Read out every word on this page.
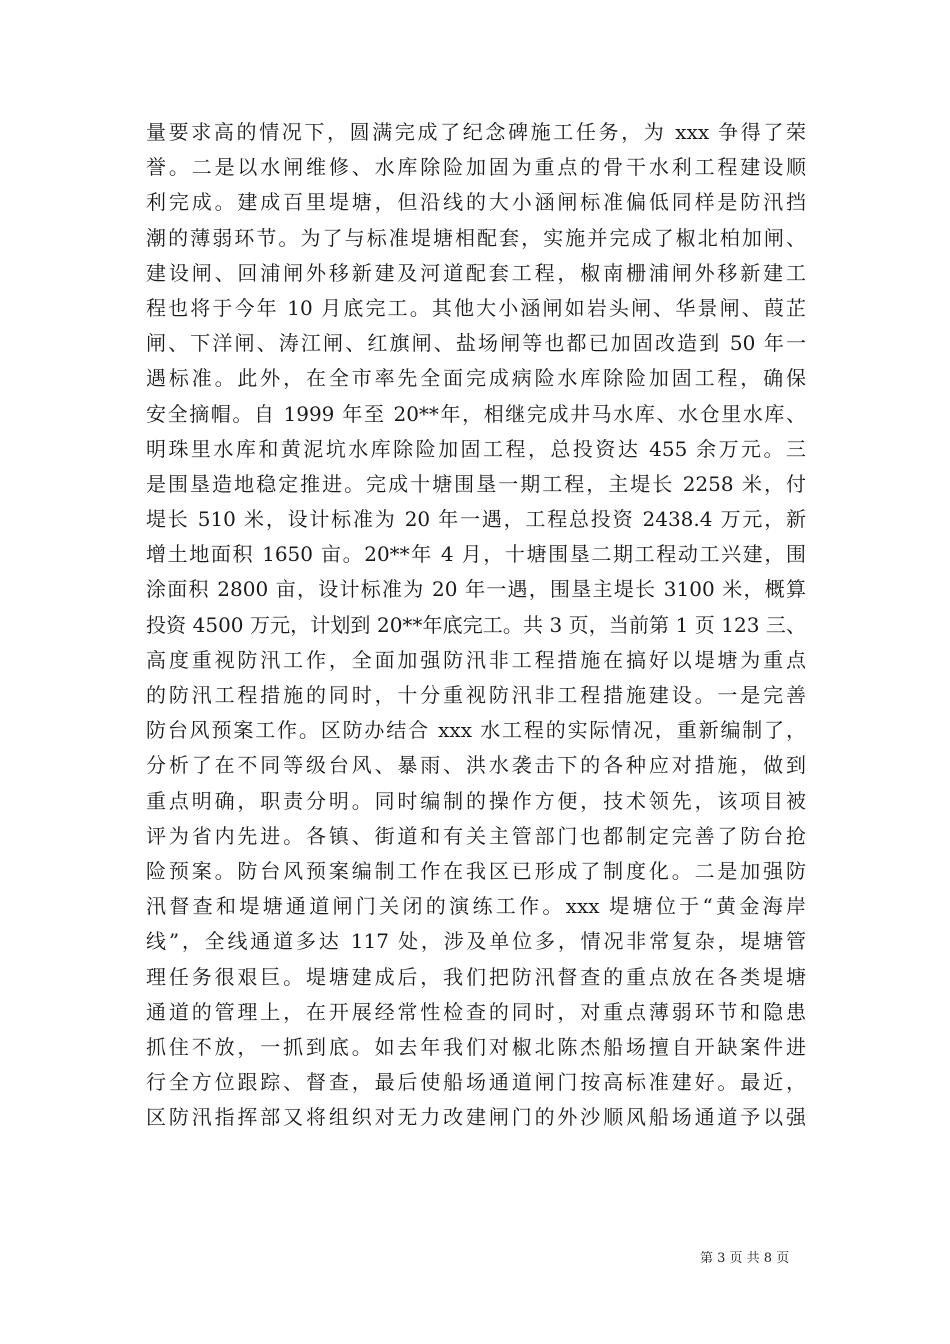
量要求高的情况下，圆满完成了纪念碑施工任务，为 xxx 争得了荣
誉。二是以水闸维修、水库除险加固为重点的骨干水利工程建设顺
利完成。建成百里堤塘，但沿线的大小涵闸标准偏低同样是防汛挡
潮的薄弱环节。为了与标准堤塘相配套，实施并完成了椒北柏加闸、
建设闸、回浦闸外移新建及河道配套工程，椒南栅浦闸外移新建工
程也将于今年 10 月底完工。其他大小涵闸如岩头闸、华景闸、葭芷
闸、下洋闸、涛江闸、红旗闸、盐场闸等也都已加固改造到 50 年一
遇标准。此外，在全市率先全面完成病险水库除险加固工程，确保
安全摘帽。自 1999 年至 20**年，相继完成井马水库、水仓里水库、
明珠里水库和黄泥坑水库除险加固工程，总投资达 455 余万元。三
是围垦造地稳定推进。完成十塘围垦一期工程，主堤长 2258 米，付
堤长 510 米，设计标准为 20 年一遇，工程总投资 2438.4 万元，新
增土地面积 1650 亩。20**年 4 月，十塘围垦二期工程动工兴建，围
涂面积 2800 亩，设计标准为 20 年一遇，围垦主堤长 3100 米，概算
投资 4500 万元，计划到 20**年底完工。共 3 页，当前第 1 页 123 三、
高度重视防汛工作，全面加强防汛非工程措施在搞好以堤塘为重点
的防汛工程措施的同时，十分重视防汛非工程措施建设。一是完善
防台风预案工作。区防办结合 xxx 水工程的实际情况，重新编制了，
分析了在不同等级台风、暴雨、洪水袭击下的各种应对措施，做到
重点明确，职责分明。同时编制的操作方便，技术领先，该项目被
评为省内先进。各镇、街道和有关主管部门也都制定完善了防台抢
险预案。防台风预案编制工作在我区已形成了制度化。二是加强防
汛督查和堤塘通道闸门关闭的演练工作。xxx 堤塘位于“黄金海岸
线”，全线通道多达 117 处，涉及单位多，情况非常复杂，堤塘管
理任务很艰巨。堤塘建成后，我们把防汛督查的重点放在各类堤塘
通道的管理上，在开展经常性检查的同时，对重点薄弱环节和隐患
抓住不放，一抓到底。如去年我们对椒北陈杰船场擅自开缺案件进
行全方位跟踪、督查，最后使船场通道闸门按高标准建好。最近，
区防汛指挥部又将组织对无力改建闸门的外沙顺风船场通道予以强
第 3 页 共 8 页
